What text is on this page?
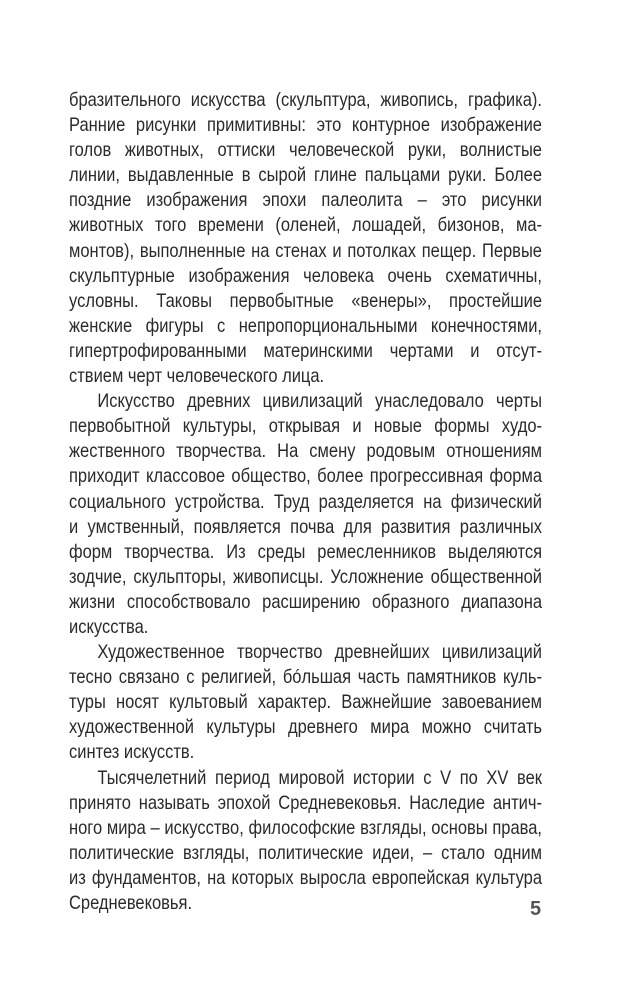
бразительного искусства (скульптура, живопись, графика).
Ранние рисунки примитивны: это контурное изображение
голов животных, оттиски человеческой руки, волнистые
линии, выдавленные в сырой глине пальцами руки. Более
поздние изображения эпохи палеолита – это рисунки
животных того времени (оленей, лошадей, бизонов, ма-
монтов), выполненные на стенах и потолках пещер. Первые
скульптурные изображения человека очень схематичны,
условны. Таковы первобытные «венеры», простейшие
женские фигуры с непропорциональными конечностями,
гипертрофированными материнскими чертами и отсут-
ствием черт человеческого лица.
Искусство древних цивилизаций унаследовало черты
первобытной культуры, открывая и новые формы худо-
жественного творчества. На смену родовым отношениям
приходит классовое общество, более прогрессивная форма
социального устройства. Труд разделяется на физический
и умственный, появляется почва для развития различных
форм творчества. Из среды ремесленников выделяются
зодчие, скульпторы, живописцы. Усложнение общественной
жизни способствовало расширению образного диапазона
искусства.
Художественное творчество древнейших цивилизаций
тесно связано с религией, бóльшая часть памятников куль-
туры носят культовый характер. Важнейшие завоеванием
художественной культуры древнего мира можно считать
синтез искусств.
Тысячелетний период мировой истории с V по XV век
принято называть эпохой Средневековья. Наследие антич-
ного мира – искусство, философские взгляды, основы права,
политические взгляды, политические идеи, – стало одним
из фундаментов, на которых выросла европейская культура
Средневековья.	5
